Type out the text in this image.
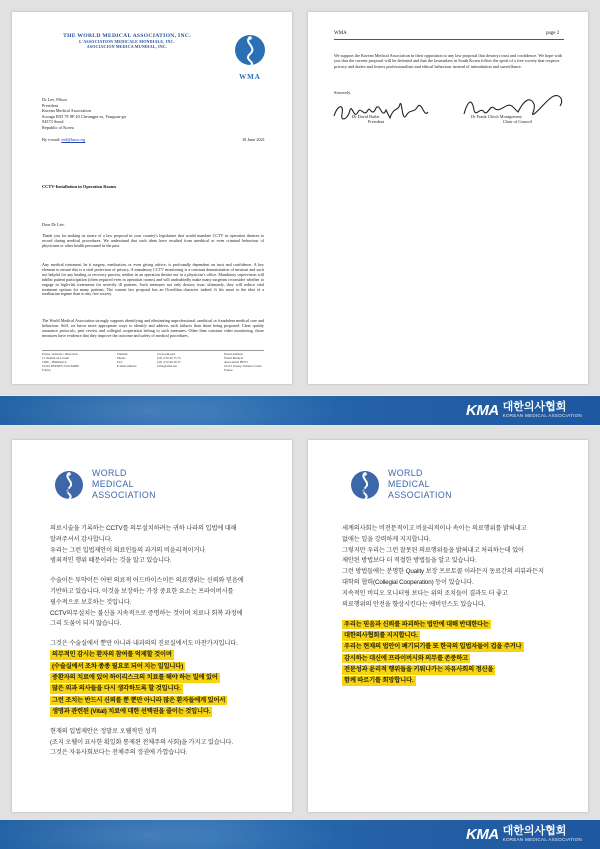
THE WORLD MEDICAL ASSOCIATION, INC.
L'ASSOCIATION MEDICALE MONDIALE, INC.
ASOCIACION MEDICA MUNDIAL, INC.
WMA
Dr Lee, Pilsoo
President
Korean Medical Association
Scongu B/D 7F 8F 40 Cheongpa-ro, Yongsan-gu
04373 Seoul
Republic of Korea
By e-mail: intl@kma.org	18 June 2021
CCTV-Installation in Operation Rooms
Dear Dr Lee,
Thank you for making us aware of a law proposal in your country's legislature that would mandate CCTV in operation theatres to record during medical procedures. We understand that such ideas have resulted from unethical or even criminal behaviour of physicians or other health personnel in the past.
Any medical treatment, be it surgery, medication, or even giving advice, is profoundly dependent on trust and confidence. A key element to ensure this is a vital protection of privacy. A mandatory CCTV monitoring is a constant demonstration of mistrust and such not helpful for any healing or recovery process, neither in an operation theatre nor in a physician's office. Mandatory supervision will inhibit patient participation (often required even in operation rooms) and will undoubtedly make many surgeons reconsider whether to engage in high-risk treatments for severely ill patients. Such measures not only destroy trust; ultimately, they will reduce vital treatment options for many patients. The current law proposal has an Orwellian character indeed. It fits more to the idea of a totalitarian regime than to any free society.
The World Medical Association strongly supports identifying and eliminating unprofessional, unethical or fraudulent medical care and behaviour. Still, we know more appropriate ways to identify and address such failures than those being proposed. Clear quality assurance protocols, peer review and collegial cooperation belong to such measures. Other than constant video monitoring, those measures have evidence that they improve the outcome and safety of medical procedures.
Postal / Adresse / Dirección
13 chemin du Levant
CIBC - Bâtiment A
01210 FERNEY-VOLTAIRE
France
Website:
Phone:
Fax:
E-mail address:
www.wma.net
(33) 4 50 40 75 75
(33) 4 50 40 59 37
wma@wma.net
Postal Address
World Medical
Association BP 63
01212 Ferney-Voltaire Cedex
France
WMA	page 2
We support the Korean Medical Association in their opposition to any law proposal that destroys trust and confidence. We hope with you that the current proposal will be defeated and that the lawmakers in South Korea follow the spirit of a free society that respects privacy and duties and fosters professionalism and ethical behaviour instead of intimidation and surveillance.
Sincerely,
Dr David Barbe
President
Dr Frank Ulrich Montgomery
Chair of Council
KMA 대한의사협회
KOREAN MEDICAL ASSOCIATION
WMA
WORLD
MEDICAL
ASSOCIATION
의료시술을 기록하는 CCTV를 의무설치하려는 귀하 나라의 입법에 대해
알려주셔서 감사합니다.
우리는 그런 입법제안이 의료인들의 과거의 비윤리적이거나
범죄적인 행위 때문이라는 것을 알고 있습니다.
수술이든 투약이든 어떤 의료적 어드바이스이든 의료행위는 신뢰와 믿음에
기반하고 있습니다. 이것을 보장하는 가장 중요한 요소는 프라이버시를
필수적으로 보호하는 것입니다.
CCTV의무설치는 불신을 지속적으로 증명하는 것이며 치료나 회복 과정에
그리 도움이 되지 않습니다.
그것은 수술실에서 뿐만 아니라 내과의의 진료실에서도 마찬가지입니다.
의무적인 감시는 환자의 참여를 억제할 것이며
(수술실에서 조차 종종 필요로 되어 지는 일입니다)
중환자의 치료에 있어 하이리스크의 치료를 해야 하는 일에 있어
많은 외과 의사들을 다시 생각하도록 할 것입니다.
그런 조치는 반드시 신뢰를 뿐 뿐만 아니라 많은 환자들에게 있어서
생명과 관련된 (Vital) 치료에 대한 선택권을 줄이는 것입니다.
현재의 입법제안은 정말로 오웰적인 성격
(조지 오웰이 묘사한 획일화 통제된 전체주의 사회)을 가지고 있습니다.
그것은 자유사회보다는 전체주의 정권에 가깝습니다.
WMA
WORLD
MEDICAL
ASSOCIATION
세계의사회는 비전문적이고 비윤리적이나 속이는 의료행위를 밝혀내고
없애는 일을 강력하게 지지합니다.
그렇지만 우리는 그런 잘못된 의료행위들을 밝혀내고 처리하는데 있어
제안된 방법보다 더 적절한 방법들을 알고 있습니다.
그런 방법들에는 분명한 Quality 보장 프로토콜 이라든지 동료간의 리뷰라든지
대학의 협력(Collegial Cooperation) 등이 있습니다.
지속적인 비디오 모니터링 보다는 위의 조치들이 결과도 더 좋고
의료행위의 안전을 향상시킨다는 에비던스도 있습니다.
우리는 믿음과 신뢰를 파괴하는 법안에 대해 반대한다는
대한의사협회를 지지합니다.
우리는 현재의 법안이 폐기되기를 또 한국의 입법자들이 겁을 주거나
감시하는 대신에 프라이버시와 의무를 존중하고
전문성과 윤리적 행위들을 키워나가는 자유사회의 정신을
함께 따르기를 희망합니다.
KMA 대한의사협회
KOREAN MEDICAL ASSOCIATION
